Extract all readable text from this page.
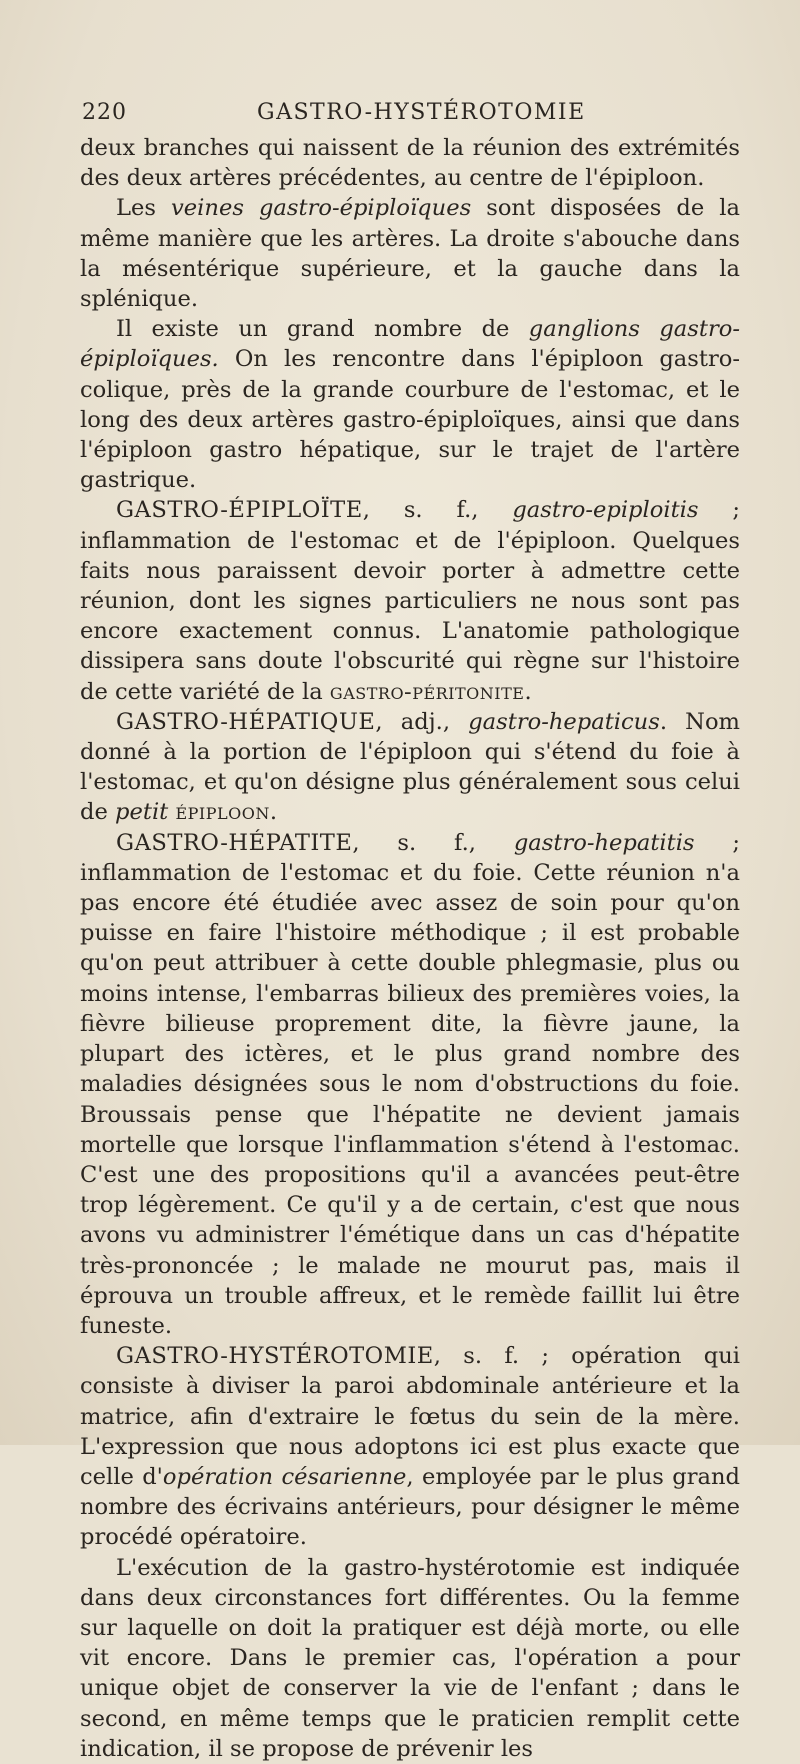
220	GASTRO-HYSTÉROTOMIE

deux branches qui naissent de la réunion des extrémités des deux artères précédentes, au centre de l'épiploon.

Les veines gastro-épiploïques sont disposées de la même manière que les artères. La droite s'abouche dans la mésentérique supérieure, et la gauche dans la splénique.

Il existe un grand nombre de ganglions gastro-épiploïques. On les rencontre dans l'épiploon gastro-colique, près de la grande courbure de l'estomac, et le long des deux artères gastro-épiploïques, ainsi que dans l'épiploon gastro hépatique, sur le trajet de l'artère gastrique.

GASTRO-ÉPIPLOÏTE, s. f., gastro-epiploitis ; inflammation de l'estomac et de l'épiploon. Quelques faits nous paraissent devoir porter à admettre cette réunion, dont les signes particuliers ne nous sont pas encore exactement connus. L'anatomie pathologique dissipera sans doute l'obscurité qui règne sur l'histoire de cette variété de la gastro-péritonite.

GASTRO-HÉPATIQUE, adj., gastro-hepaticus. Nom donné à la portion de l'épiploon qui s'étend du foie à l'estomac, et qu'on désigne plus généralement sous celui de petit épiploon.

GASTRO-HÉPATITE, s. f., gastro-hepatitis ; inflammation de l'estomac et du foie. Cette réunion n'a pas encore été étudiée avec assez de soin pour qu'on puisse en faire l'histoire méthodique ; il est probable qu'on peut attribuer à cette double phlegmasie, plus ou moins intense, l'embarras bilieux des premières voies, la fièvre bilieuse proprement dite, la fièvre jaune, la plupart des ictères, et le plus grand nombre des maladies désignées sous le nom d'obstructions du foie. Broussais pense que l'hépatite ne devient jamais mortelle que lorsque l'inflammation s'étend à l'estomac. C'est une des propositions qu'il a avancées peut-être trop légèrement. Ce qu'il y a de certain, c'est que nous avons vu administrer l'émétique dans un cas d'hépatite très-prononcée ; le malade ne mourut pas, mais il éprouva un trouble affreux, et le remède faillit lui être funeste.

GASTRO-HYSTÉROTOMIE, s. f. ; opération qui consiste à diviser la paroi abdominale antérieure et la matrice, afin d'extraire le fœtus du sein de la mère. L'expression que nous adoptons ici est plus exacte que celle d'opération césarienne, employée par le plus grand nombre des écrivains antérieurs, pour désigner le même procédé opératoire.

L'exécution de la gastro-hystérotomie est indiquée dans deux circonstances fort différentes. Ou la femme sur laquelle on doit la pratiquer est déjà morte, ou elle vit encore. Dans le premier cas, l'opération a pour unique objet de conserver la vie de l'enfant ; dans le second, en même temps que le praticien remplit cette indication, il se propose de prévenir les
